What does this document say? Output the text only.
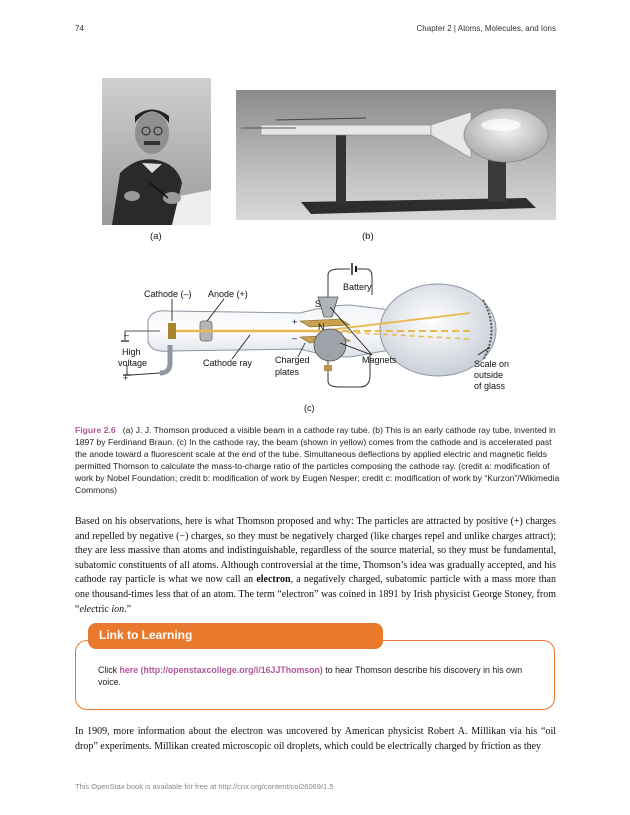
74	Chapter 2 | Atoms, Molecules, and Ions
(a)	(b)
Cathode (–) Anode (+)
Battery
–
High
voltage
+
Cathode ray	Charged
plates
Magnets
S
N
+
–
Scale on
outside
of glass
(c)
Figure 2.6 (a) J. J. Thomson produced a visible beam in a cathode ray tube. (b) This is an early cathode ray tube, invented in 1897 by Ferdinand Braun. (c) In the cathode ray, the beam (shown in yellow) comes from the cathode and is accelerated past the anode toward a fluorescent scale at the end of the tube. Simultaneous deflections by applied electric and magnetic fields permitted Thomson to calculate the mass-to-charge ratio of the particles composing the cathode ray. (credit a: modification of work by Nobel Foundation; credit b: modification of work by Eugen Nesper; credit c: modification of work by “Kurzon”/Wikimedia Commons)
Based on his observations, here is what Thomson proposed and why: The particles are attracted by positive (+) charges and repelled by negative (−) charges, so they must be negatively charged (like charges repel and unlike charges attract); they are less massive than atoms and indistinguishable, regardless of the source material, so they must be fundamental, subatomic constituents of all atoms. Although controversial at the time, Thomson’s idea was gradually accepted, and his cathode ray particle is what we now call an electron, a negatively charged, subatomic particle with a mass more than one thousand-times less that of an atom. The term “electron” was coined in 1891 by Irish physicist George Stoney, from “electric ion.”
Link to Learning
Click here (http://openstaxcollege.org/l/16JJThomson) to hear Thomson describe his discovery in his own voice.
In 1909, more information about the electron was uncovered by American physicist Robert A. Millikan via his “oil drop” experiments. Millikan created microscopic oil droplets, which could be electrically charged by friction as they
This OpenStax book is available for free at http://cnx.org/content/col26069/1.5
